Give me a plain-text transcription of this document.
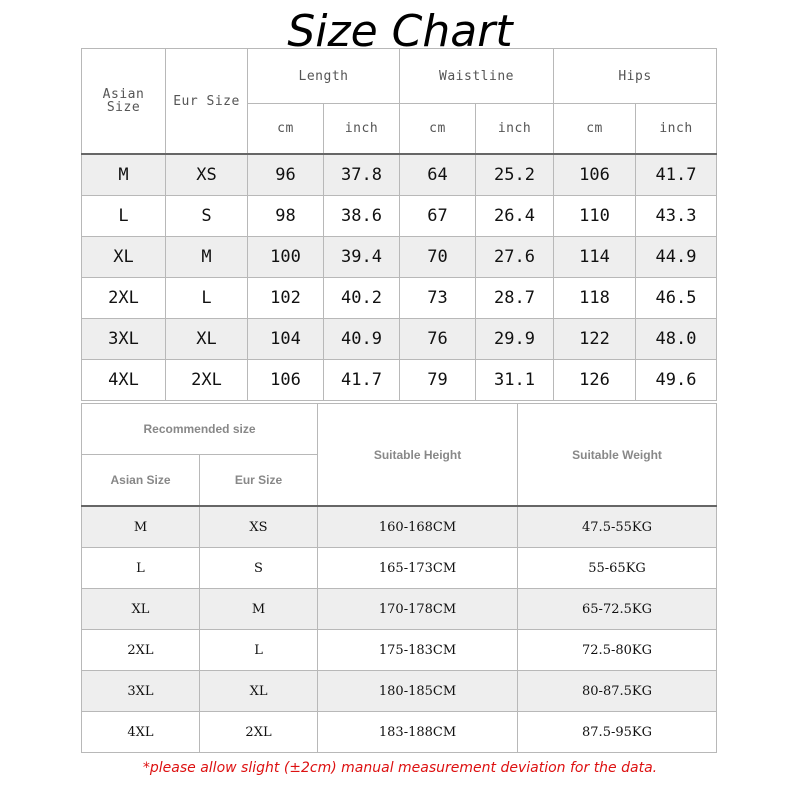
Size Chart
Asian Size	Eur Size	Length		Waistline		Hips	
		cm	inch	cm	inch	cm	inch
M	XS	96	37.8	64	25.2	106	41.7
L	S	98	38.6	67	26.4	110	43.3
XL	M	100	39.4	70	27.6	114	44.9
2XL	L	102	40.2	73	28.7	118	46.5
3XL	XL	104	40.9	76	29.9	122	48.0
4XL	2XL	106	41.7	79	31.1	126	49.6
Recommended size		Suitable Height	Suitable Weight
Asian Size	Eur Size		
M	XS	160-168CM	47.5-55KG
L	S	165-173CM	55-65KG
XL	M	170-178CM	65-72.5KG
2XL	L	175-183CM	72.5-80KG
3XL	XL	180-185CM	80-87.5KG
4XL	2XL	183-188CM	87.5-95KG
*please allow slight (±2cm) manual measurement deviation for the data.
